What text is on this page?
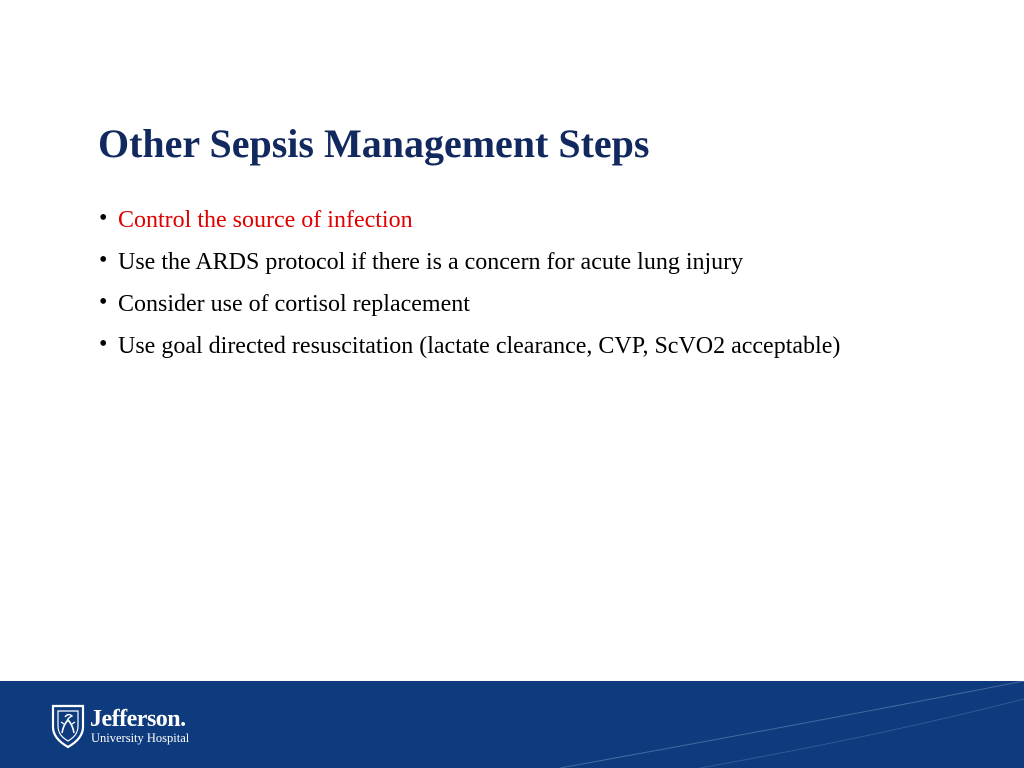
Other Sepsis Management Steps
• Control the source of infection
• Use the ARDS protocol if there is a concern for acute lung injury
• Consider use of cortisol replacement
• Use goal directed resuscitation (lactate clearance, CVP, ScVO2 acceptable)
Jefferson.
University Hospital
